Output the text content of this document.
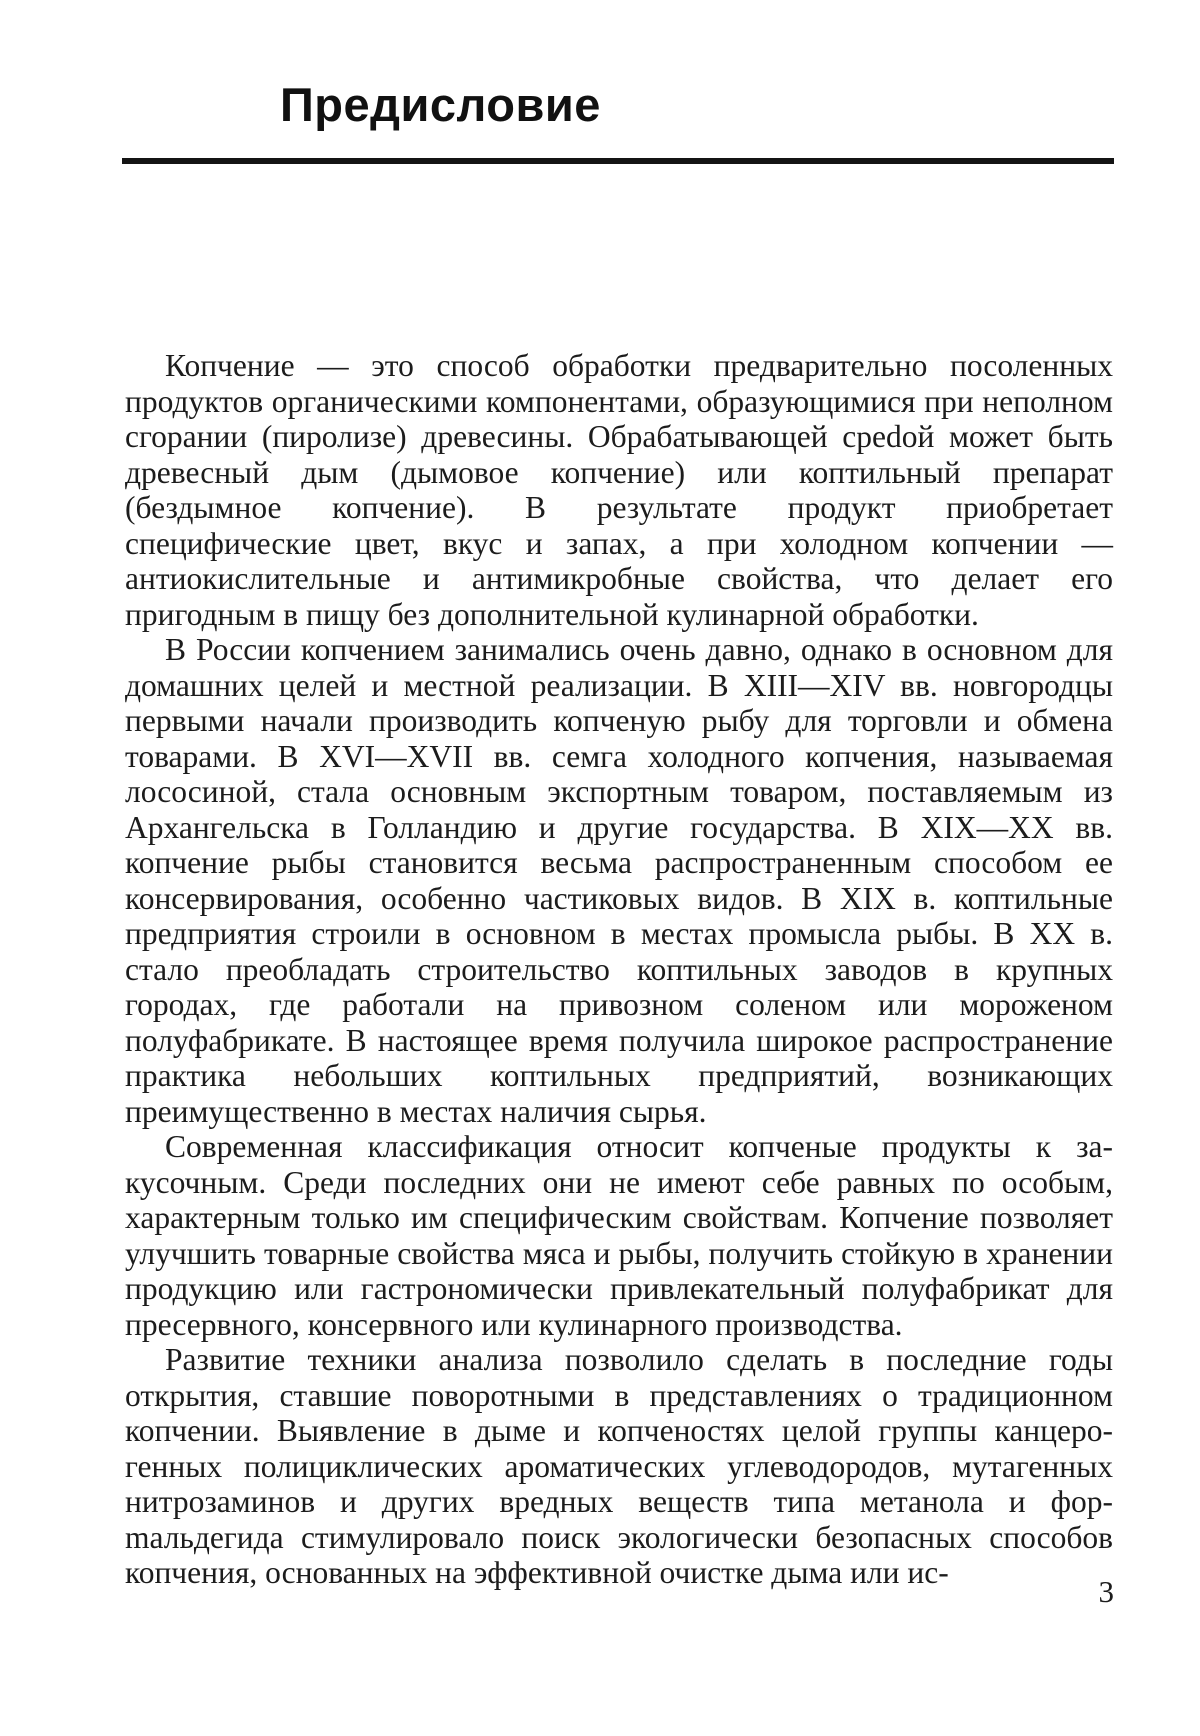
Предисловие

Копчение — это способ обработки предварительно посоленных продуктов органическими компонентами, образующимися при неполном сгорании (пиролизе) древесины. Обрабатывающей среdой может быть древесный дым (дымовое копчение) или коптильный препарат (бездымное копчение). В результате продукт приобретает специфические цвет, вкус и запах, а при холодном копчении — антиокислительные и антимикробные свойства, что делает его пригодным в пищу без дополнительной кулинарной обработки.

В России копчением занимались очень давно, однако в основном для домашних целей и местной реализации. В XIII—XIV вв. новгородцы первыми начали производить копченую рыбу для торговли и обмена товарами. В XVI—XVII вв. семга холодного копчения, называемая лососиной, стала основным экспортным товаром, поставляемым из Архангельска в Голландию и другие государства. В XIX—XX вв. копчение рыбы становится весьма распространенным способом ее консервирования, особенно частиковых видов. В XIX в. коптильные предприятия строили в основном в местах промысла рыбы. В XX в. стало преобладать строительство коптильных заводов в крупных городах, где работали на привозном соленом или мороженом полуфабрикате. В настоящее время получила широкое распространение практика небольших коптильных предприятий, возникающих преимущественно в местах наличия сырья.

Современная классификация относит копченые продукты к закусочным. Среди последних они не имеют себе равных по особым, характерным только им специфическим свойствам. Копчение позволяет улучшить товарные свойства мяса и рыбы, получить стойкую в хранении продукцию или гастрономически привлекательный полуфабрикат для пресервного, консервного или кулинарного производства.

Развитие техники анализа позволило сделать в последние годы открытия, ставшие поворотными в представлениях о традиционном копчении. Выявление в дыме и копченостях целой группы канцерогенных полициклических ароматических углеводородов, мутагенных нитрозаминов и других вредных веществ типа метанола и форmальдегида стимулировало поиск экологически безопасных способов копчения, основанных на эффективной очистке дыма или ис-

3
